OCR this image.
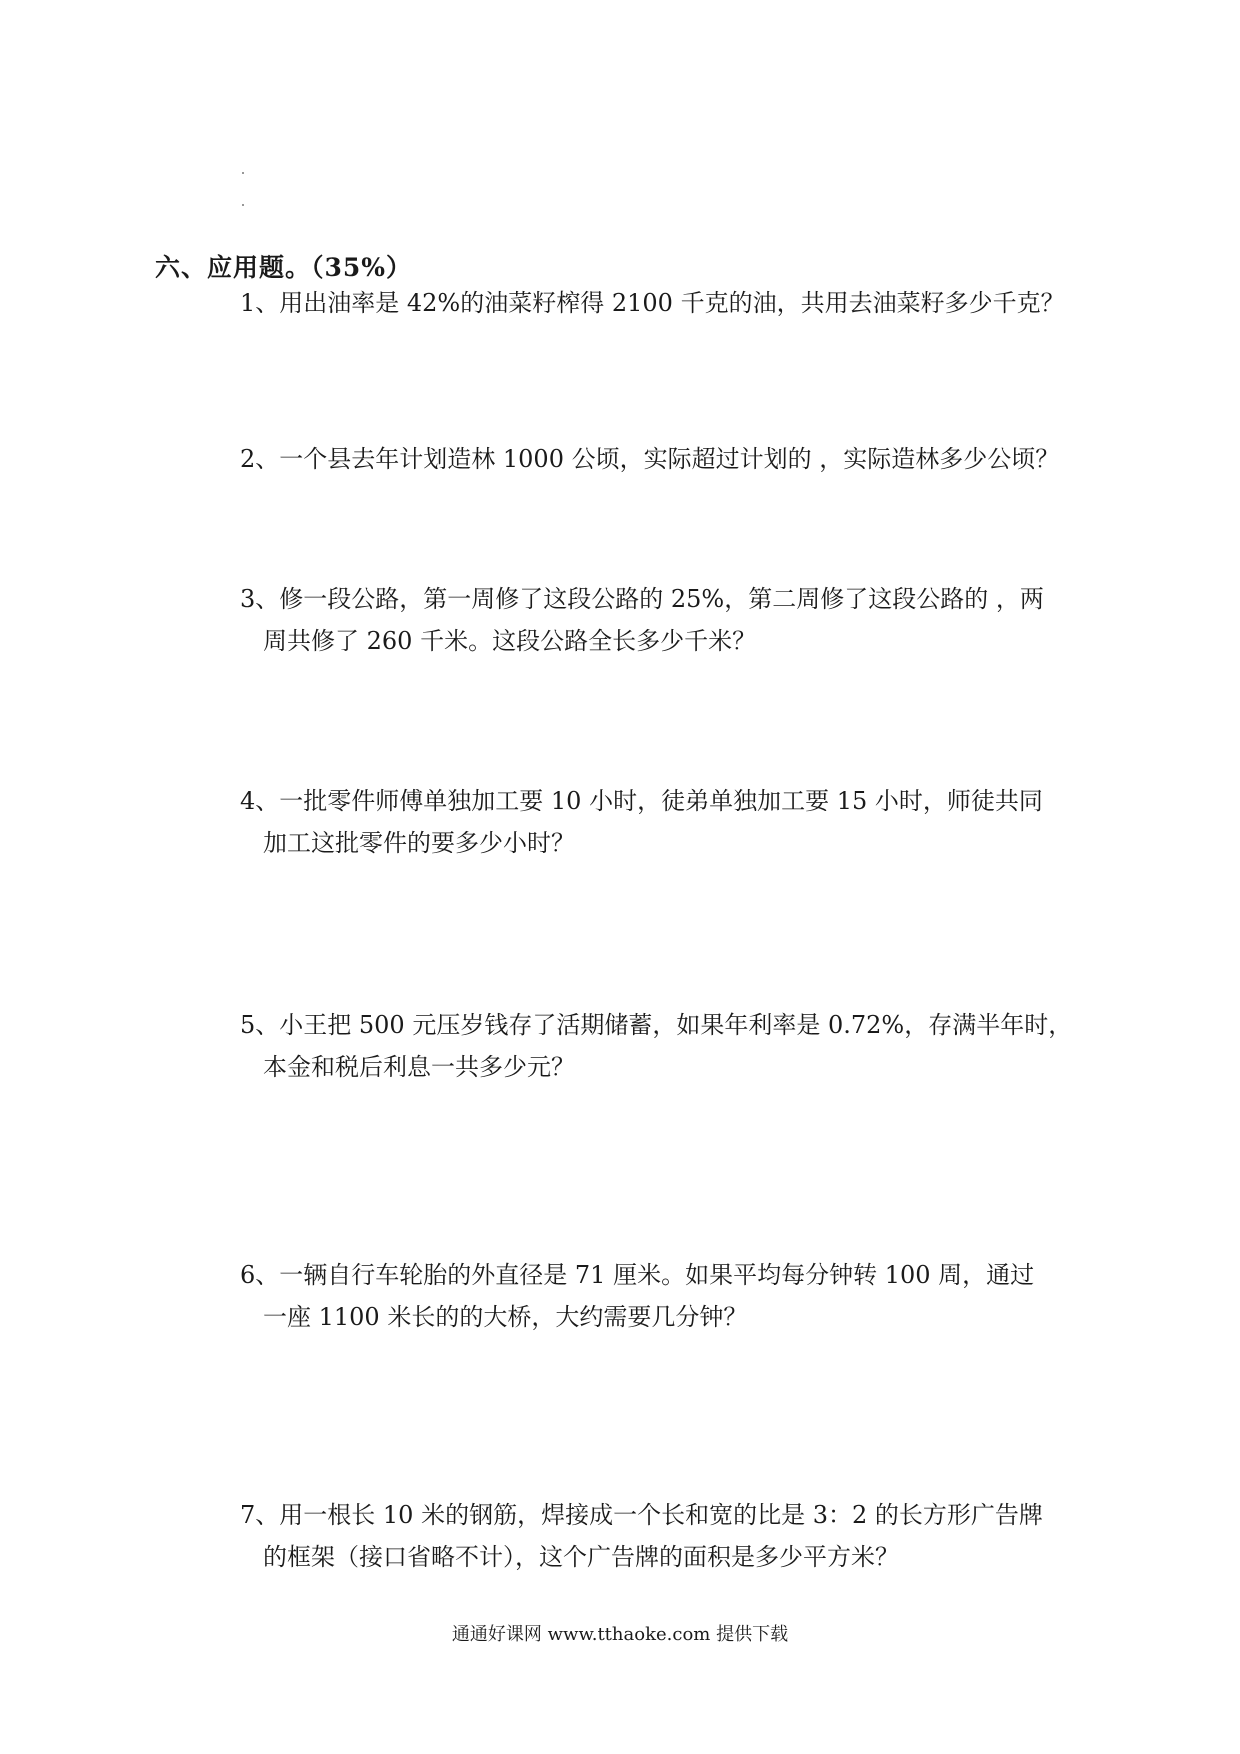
六、应用题。（35%）
1、用出油率是 42%的油菜籽榨得 2100 千克的油，共用去油菜籽多少千克？
2、一个县去年计划造林 1000 公顷，实际超过计划的 ，实际造林多少公顷？
3、修一段公路，第一周修了这段公路的 25%，第二周修了这段公路的 ，两
周共修了 260 千米。这段公路全长多少千米？
4、一批零件师傅单独加工要 10 小时，徒弟单独加工要 15 小时，师徒共同
加工这批零件的要多少小时？
5、小王把 500 元压岁钱存了活期储蓄，如果年利率是 0.72%，存满半年时，
本金和税后利息一共多少元？
6、一辆自行车轮胎的外直径是 71 厘米。如果平均每分钟转 100 周，通过
一座 1100 米长的的大桥，大约需要几分钟？
7、用一根长 10 米的钢筋，焊接成一个长和宽的比是 3：2 的长方形广告牌
的框架（接口省略不计），这个广告牌的面积是多少平方米？
通通好课网 www.tthaoke.com 提供下载
